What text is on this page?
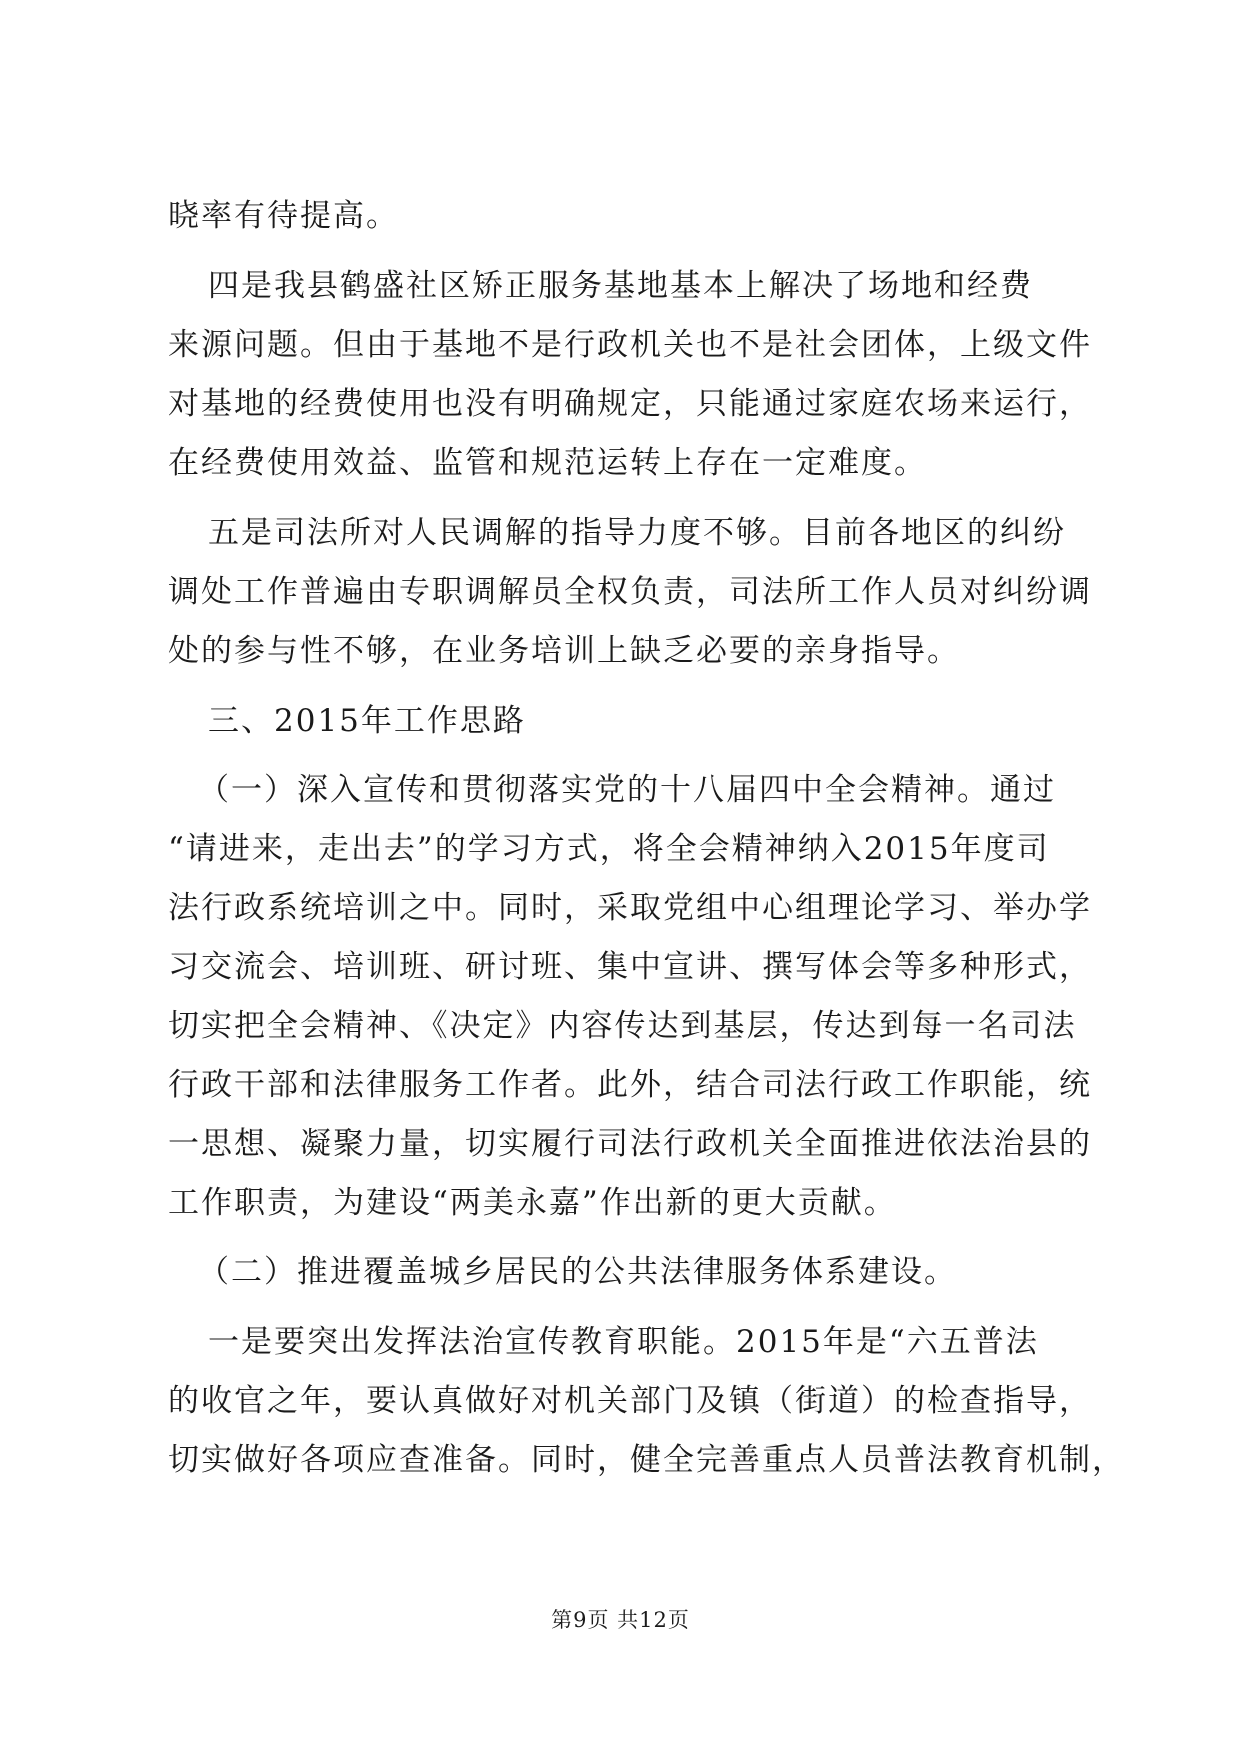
晓率有待提高。
四是我县鹤盛社区矫正服务基地基本上解决了场地和经费
来源问题。但由于基地不是行政机关也不是社会团体，上级文件
对基地的经费使用也没有明确规定，只能通过家庭农场来运行，
在经费使用效益、监管和规范运转上存在一定难度。
五是司法所对人民调解的指导力度不够。目前各地区的纠纷
调处工作普遍由专职调解员全权负责，司法所工作人员对纠纷调
处的参与性不够，在业务培训上缺乏必要的亲身指导。
三、2015年工作思路
（一）深入宣传和贯彻落实党的十八届四中全会精神。通过
“请进来，走出去”的学习方式，将全会精神纳入2015年度司
法行政系统培训之中。同时，采取党组中心组理论学习、举办学
习交流会、培训班、研讨班、集中宣讲、撰写体会等多种形式，
切实把全会精神、《决定》内容传达到基层，传达到每一名司法
行政干部和法律服务工作者。此外，结合司法行政工作职能，统
一思想、凝聚力量，切实履行司法行政机关全面推进依法治县的
工作职责，为建设“两美永嘉”作出新的更大贡献。
（二）推进覆盖城乡居民的公共法律服务体系建设。
一是要突出发挥法治宣传教育职能。2015年是“六五普法
的收官之年，要认真做好对机关部门及镇（街道）的检查指导，
切实做好各项应查准备。同时，健全完善重点人员普法教育机制，
第9页 共12页
